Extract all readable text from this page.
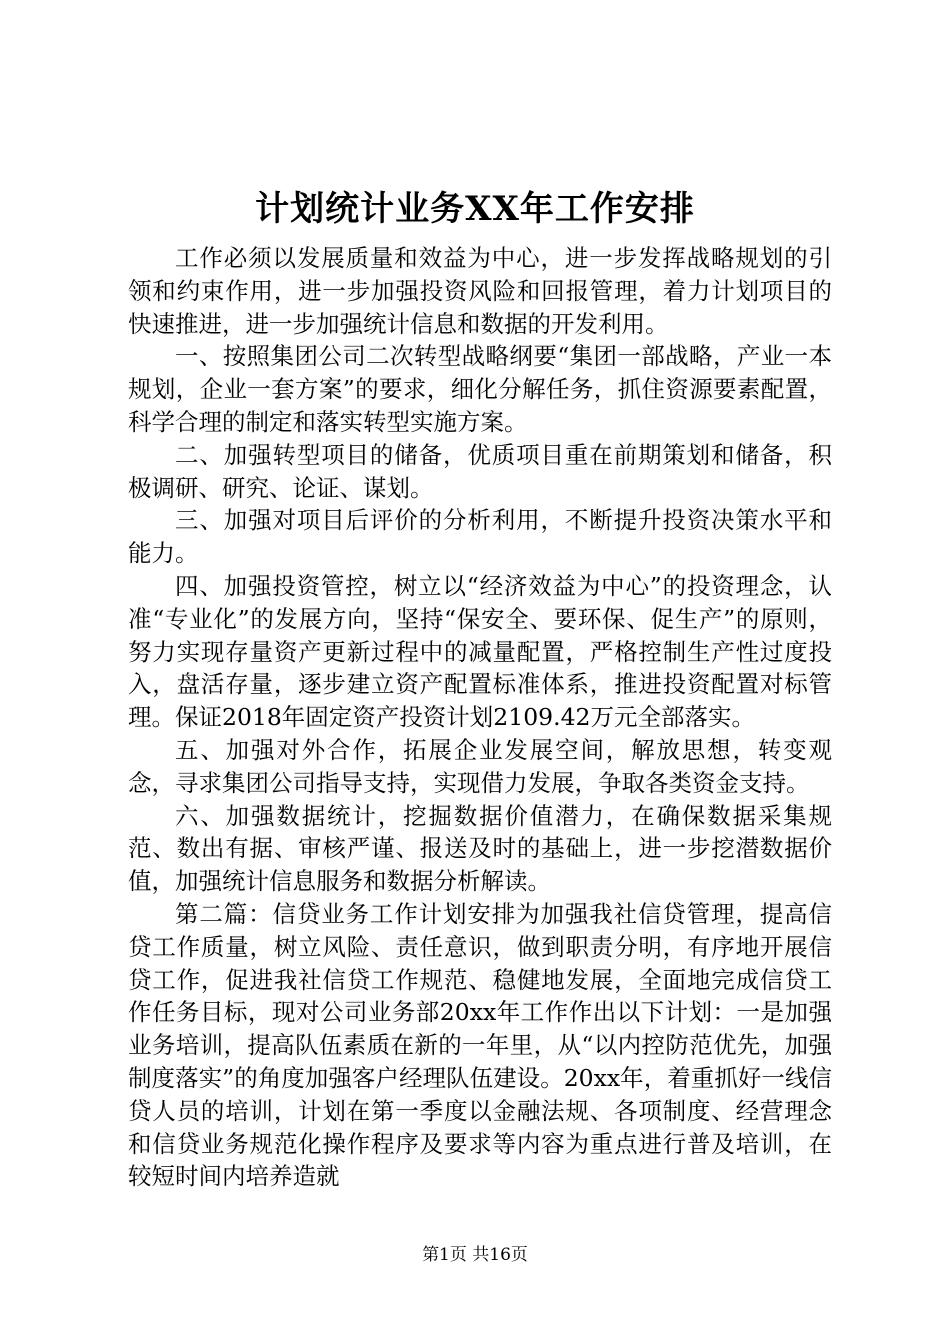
计划统计业务XX年工作安排

工作必须以发展质量和效益为中心，进一步发挥战略规划的引领和约束作用，进一步加强投资风险和回报管理，着力计划项目的快速推进，进一步加强统计信息和数据的开发利用。

一、按照集团公司二次转型战略纲要“集团一部战略，产业一本规划，企业一套方案”的要求，细化分解任务，抓住资源要素配置，科学合理的制定和落实转型实施方案。

二、加强转型项目的储备，优质项目重在前期策划和储备，积极调研、研究、论证、谋划。

三、加强对项目后评价的分析利用，不断提升投资决策水平和能力。

四、加强投资管控，树立以“经济效益为中心”的投资理念，认准“专业化”的发展方向，坚持“保安全、要环保、促生产”的原则，努力实现存量资产更新过程中的减量配置，严格控制生产性过度投入，盘活存量，逐步建立资产配置标准体系，推进投资配置对标管理。保证2018年固定资产投资计划2109.42万元全部落实。

五、加强对外合作，拓展企业发展空间，解放思想，转变观念，寻求集团公司指导支持，实现借力发展，争取各类资金支持。

六、加强数据统计，挖掘数据价值潜力，在确保数据采集规范、数出有据、审核严谨、报送及时的基础上，进一步挖潜数据价值，加强统计信息服务和数据分析解读。

第二篇：信贷业务工作计划安排为加强我社信贷管理，提高信贷工作质量，树立风险、责任意识，做到职责分明，有序地开展信贷工作，促进我社信贷工作规范、稳健地发展，全面地完成信贷工作任务目标，现对公司业务部20xx年工作作出以下计划：一是加强业务培训，提高队伍素质在新的一年里，从“以内控防范优先，加强制度落实”的角度加强客户经理队伍建设。20xx年，着重抓好一线信贷人员的培训，计划在第一季度以金融法规、各项制度、经营理念和信贷业务规范化操作程序及要求等内容为重点进行普及培训，在较短时间内培养造就

第1页 共16页
